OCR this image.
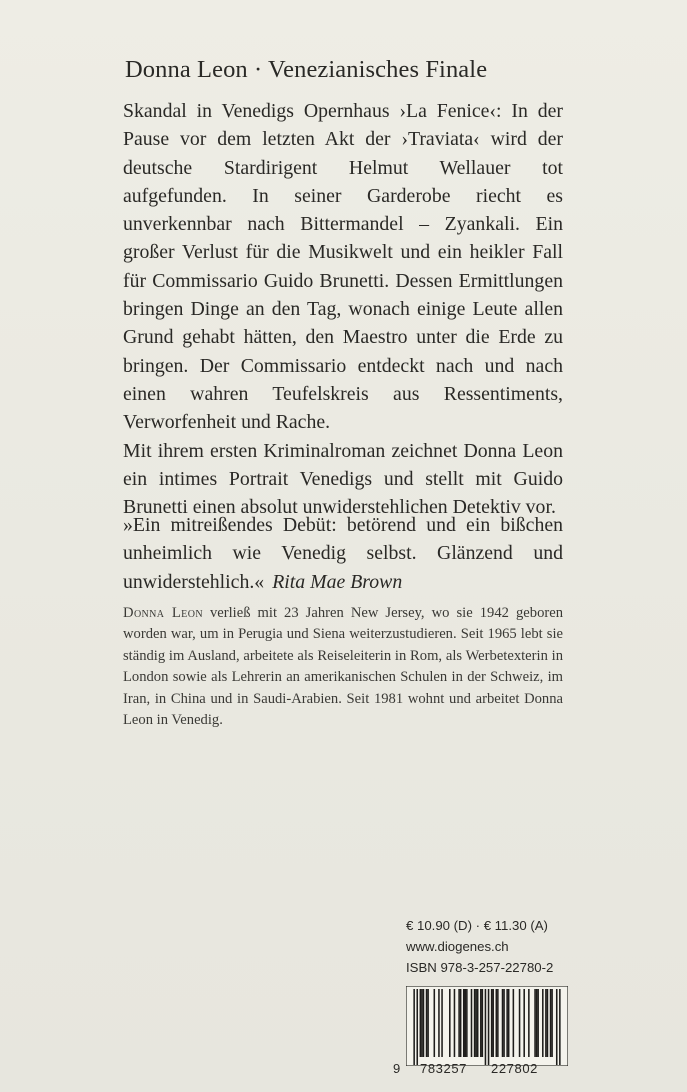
Donna Leon · Venezianisches Finale

Skandal in Venedigs Opernhaus ›La Fenice‹: In der Pause vor dem letzten Akt der ›Traviata‹ wird der deutsche Stardirigent Helmut Wellauer tot aufgefunden. In seiner Garderobe riecht es unverkennbar nach Bittermandel – Zyankali. Ein großer Verlust für die Musikwelt und ein heikler Fall für Commissario Guido Brunetti. Dessen Ermittlungen bringen Dinge an den Tag, wonach einige Leute allen Grund gehabt hätten, den Maestro unter die Erde zu bringen. Der Commissario entdeckt nach und nach einen wahren Teufelskreis aus Ressentiments, Verworfenheit und Rache.

Mit ihrem ersten Kriminalroman zeichnet Donna Leon ein intimes Portrait Venedigs und stellt mit Guido Brunetti einen absolut unwiderstehlichen Detektiv vor.

»Ein mitreißendes Debüt: betörend und ein bißchen unheimlich wie Venedig selbst. Glänzend und unwiderstehlich.« Rita Mae Brown
Donna Leon verließ mit 23 Jahren New Jersey, wo sie 1942 geboren worden war, um in Perugia und Siena weiterzustudieren. Seit 1965 lebt sie ständig im Ausland, arbeitete als Reiseleiterin in Rom, als Werbetexterin in London sowie als Lehrerin an amerikanischen Schulen in der Schweiz, im Iran, in China und in Saudi-Arabien. Seit 1981 wohnt und arbeitet Donna Leon in Venedig.
€ 10.90 (D) · € 11.30 (A)
www.diogenes.ch
ISBN 978-3-257-22780-2
9 783257 227802
